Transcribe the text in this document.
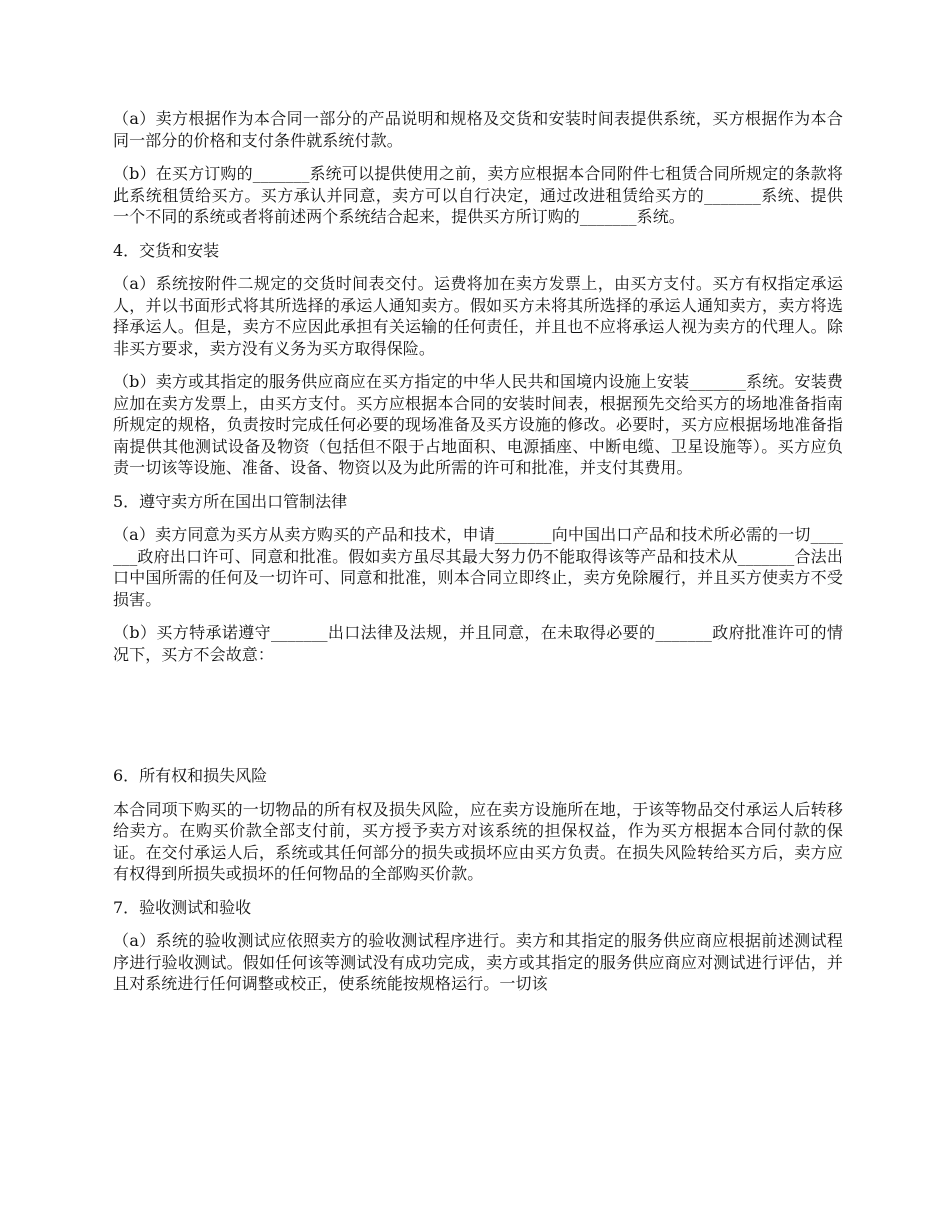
（a）卖方根据作为本合同一部分的产品说明和规格及交货和安装时间表提供系统，买方根据作为本合同一部分的价格和支付条件就系统付款。

（b）在买方订购的_______系统可以提供使用之前，卖方应根据本合同附件七租赁合同所规定的条款将此系统租赁给买方。买方承认并同意，卖方可以自行决定，通过改进租赁给买方的_______系统、提供一个不同的系统或者将前述两个系统结合起来，提供买方所订购的_______系统。

4．交货和安装

（a）系统按附件二规定的交货时间表交付。运费将加在卖方发票上，由买方支付。买方有权指定承运人，并以书面形式将其所选择的承运人通知卖方。假如买方未将其所选择的承运人通知卖方，卖方将选择承运人。但是，卖方不应因此承担有关运输的任何责任，并且也不应将承运人视为卖方的代理人。除非买方要求，卖方没有义务为买方取得保险。

（b）卖方或其指定的服务供应商应在买方指定的中华人民共和国境内设施上安装_______系统。安装费应加在卖方发票上，由买方支付。买方应根据本合同的安装时间表，根据预先交给买方的场地准备指南所规定的规格，负责按时完成任何必要的现场准备及买方设施的修改。必要时，买方应根据场地准备指南提供其他测试设备及物资（包括但不限于占地面积、电源插座、中断电缆、卫星设施等）。买方应负责一切该等设施、准备、设备、物资以及为此所需的许可和批准，并支付其费用。

5．遵守卖方所在国出口管制法律

（a）卖方同意为买方从卖方购买的产品和技术，申请_______向中国出口产品和技术所必需的一切_______政府出口许可、同意和批准。假如卖方虽尽其最大努力仍不能取得该等产品和技术从_______合法出口中国所需的任何及一切许可、同意和批准，则本合同立即终止，卖方免除履行，并且买方使卖方不受损害。

（b）买方特承诺遵守_______出口法律及法规，并且同意，在未取得必要的_______政府批准许可的情况下，买方不会故意：

6．所有权和损失风险

本合同项下购买的一切物品的所有权及损失风险，应在卖方设施所在地，于该等物品交付承运人后转移给卖方。在购买价款全部支付前，买方授予卖方对该系统的担保权益，作为买方根据本合同付款的保证。在交付承运人后，系统或其任何部分的损失或损坏应由买方负责。在损失风险转给买方后，卖方应有权得到所损失或损坏的任何物品的全部购买价款。

7．验收测试和验收

（a）系统的验收测试应依照卖方的验收测试程序进行。卖方和其指定的服务供应商应根据前述测试程序进行验收测试。假如任何该等测试没有成功完成，卖方或其指定的服务供应商应对测试进行评估，并且对系统进行任何调整或校正，使系统能按规格运行。一切该
